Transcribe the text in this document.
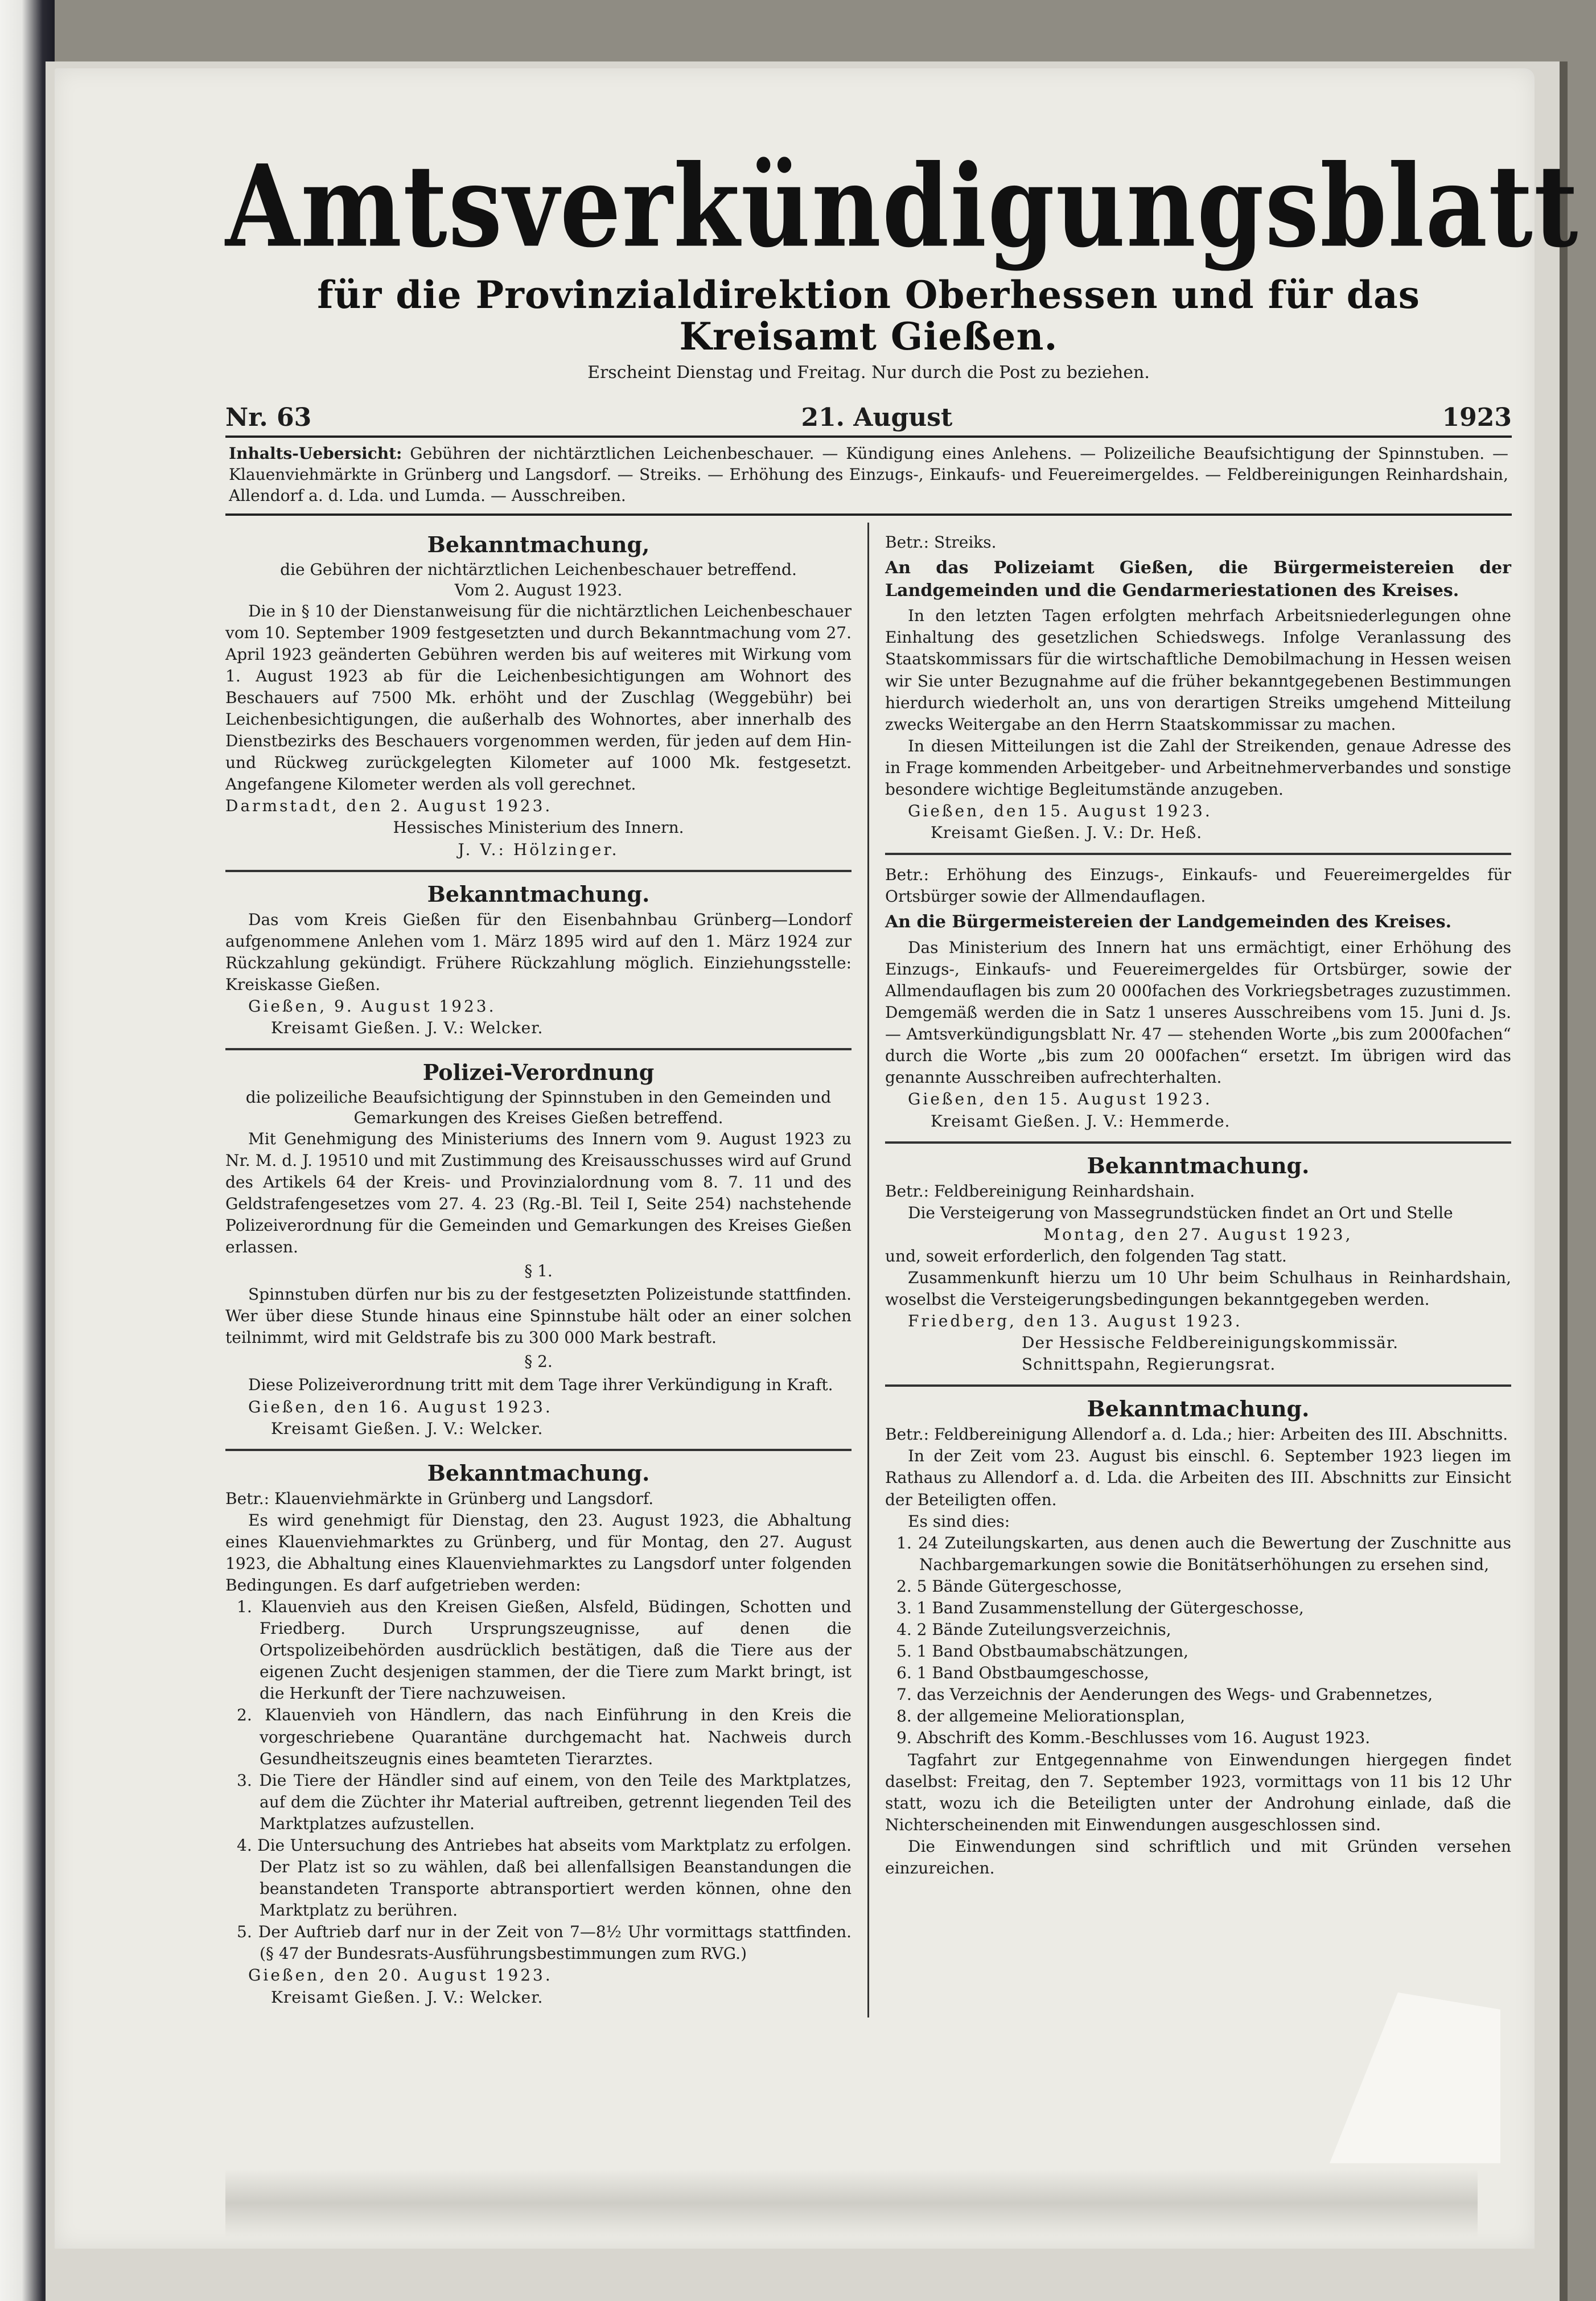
Amtsverkündigungsblatt
für die Provinzialdirektion Oberhessen und für das Kreisamt Gießen.
Erscheint Dienstag und Freitag. Nur durch die Post zu beziehen.
Nr. 63	21. August	1923
Inhalts-Uebersicht: Gebühren der nichtärztlichen Leichenbeschauer. — Kündigung eines Anlehens. — Polizeiliche Beaufsichtigung der Spinnstuben. — Klauenviehmärkte in Grünberg und Langsdorf. — Streiks. — Erhöhung des Einzugs-, Einkaufs- und Feuereimergeldes. — Feldbereinigungen Reinhardshain, Allendorf a. d. Lda. und Lumda. — Ausschreiben.
Bekanntmachung,
die Gebühren der nichtärztlichen Leichenbeschauer betreffend.
Vom 2. August 1923.

Die in § 10 der Dienstanweisung für die nichtärztlichen Leichenbeschauer vom 10. September 1909 festgesetzten und durch Bekanntmachung vom 27. April 1923 geänderten Gebühren werden bis auf weiteres mit Wirkung vom 1. August 1923 ab für die Leichenbesichtigungen am Wohnort des Beschauers auf 7500 Mk. erhöht und der Zuschlag (Weggebühr) bei Leichenbesichtigungen, die außerhalb des Wohnortes, aber innerhalb des Dienstbezirks des Beschauers vorgenommen werden, für jeden auf dem Hin- und Rückweg zurückgelegten Kilometer auf 1000 Mk. festgesetzt. Angefangene Kilometer werden als voll gerechnet.

Darmstadt, den 2. August 1923.

Hessisches Ministerium des Innern.

J. V.: Hölzinger.

Bekanntmachung.

Das vom Kreis Gießen für den Eisenbahnbau Grünberg—Londorf aufgenommene Anlehen vom 1. März 1895 wird auf den 1. März 1924 zur Rückzahlung gekündigt. Frühere Rückzahlung möglich. Einziehungsstelle: Kreiskasse Gießen.

Gießen, 9. August 1923.

Kreisamt Gießen. J. V.: Welcker.

Polizei-Verordnung
die polizeiliche Beaufsichtigung der Spinnstuben in den Gemeinden und Gemarkungen des Kreises Gießen betreffend.

Mit Genehmigung des Ministeriums des Innern vom 9. August 1923 zu Nr. M. d. J. 19510 und mit Zustimmung des Kreisausschusses wird auf Grund des Artikels 64 der Kreis- und Provinzialordnung vom 8. 7. 11 und des Geldstrafengesetzes vom 27. 4. 23 (Rg.-Bl. Teil I, Seite 254) nachstehende Polizeiverordnung für die Gemeinden und Gemarkungen des Kreises Gießen erlassen.

§ 1.

Spinnstuben dürfen nur bis zu der festgesetzten Polizeistunde stattfinden. Wer über diese Stunde hinaus eine Spinnstube hält oder an einer solchen teilnimmt, wird mit Geldstrafe bis zu 300 000 Mark bestraft.

§ 2.

Diese Polizeiverordnung tritt mit dem Tage ihrer Verkündigung in Kraft.

Gießen, den 16. August 1923.

Kreisamt Gießen. J. V.: Welcker.

Bekanntmachung.

Betr.: Klauenviehmärkte in Grünberg und Langsdorf.

Es wird genehmigt für Dienstag, den 23. August 1923, die Abhaltung eines Klauenviehmarktes zu Grünberg, und für Montag, den 27. August 1923, die Abhaltung eines Klauenviehmarktes zu Langsdorf unter folgenden Bedingungen. Es darf aufgetrieben werden:

1. Klauenvieh aus den Kreisen Gießen, Alsfeld, Büdingen, Schotten und Friedberg. Durch Ursprungszeugnisse, auf denen die Ortspolizeibehörden ausdrücklich bestätigen, daß die Tiere aus der eigenen Zucht desjenigen stammen, der die Tiere zum Markt bringt, ist die Herkunft der Tiere nachzuweisen.

2. Klauenvieh von Händlern, das nach Einführung in den Kreis die vorgeschriebene Quarantäne durchgemacht hat. Nachweis durch Gesundheitszeugnis eines beamteten Tierarztes.

3. Die Tiere der Händler sind auf einem, von den Teile des Marktplatzes, auf dem die Züchter ihr Material auftreiben, getrennt liegenden Teil des Marktplatzes aufzustellen.

4. Die Untersuchung des Antriebes hat abseits vom Marktplatz zu erfolgen. Der Platz ist so zu wählen, daß bei allenfallsigen Beanstandungen die beanstandeten Transporte abtransportiert werden können, ohne den Marktplatz zu berühren.

5. Der Auftrieb darf nur in der Zeit von 7—8½ Uhr vormittags stattfinden. (§ 47 der Bundesrats-Ausführungsbestimmungen zum RVG.)

Gießen, den 20. August 1923.

Kreisamt Gießen. J. V.: Welcker.

Betr.: Streiks.

An das Polizeiamt Gießen, die Bürgermeistereien der Landgemeinden und die Gendarmeriestationen des Kreises.

In den letzten Tagen erfolgten mehrfach Arbeitsniederlegungen ohne Einhaltung des gesetzlichen Schiedswegs. Infolge Veranlassung des Staatskommissars für die wirtschaftliche Demobilmachung in Hessen weisen wir Sie unter Bezugnahme auf die früher bekanntgegebenen Bestimmungen hierdurch wiederholt an, uns von derartigen Streiks umgehend Mitteilung zwecks Weitergabe an den Herrn Staatskommissar zu machen.

In diesen Mitteilungen ist die Zahl der Streikenden, genaue Adresse des in Frage kommenden Arbeitgeber- und Arbeitnehmerverbandes und sonstige besondere wichtige Begleitumstände anzugeben.

Gießen, den 15. August 1923.

Kreisamt Gießen. J. V.: Dr. Heß.

Betr.: Erhöhung des Einzugs-, Einkaufs- und Feuereimergeldes für Ortsbürger sowie der Allmendauflagen.

An die Bürgermeistereien der Landgemeinden des Kreises.

Das Ministerium des Innern hat uns ermächtigt, einer Erhöhung des Einzugs-, Einkaufs- und Feuereimergeldes für Ortsbürger, sowie der Allmendauflagen bis zum 20 000fachen des Vorkriegsbetrages zuzustimmen. Demgemäß werden die in Satz 1 unseres Ausschreibens vom 15. Juni d. Js. — Amtsverkündigungsblatt Nr. 47 — stehenden Worte „bis zum 2000fachen“ durch die Worte „bis zum 20 000fachen“ ersetzt. Im übrigen wird das genannte Ausschreiben aufrechterhalten.

Gießen, den 15. August 1923.

Kreisamt Gießen. J. V.: Hemmerde.

Bekanntmachung.

Betr.: Feldbereinigung Reinhardshain.

Die Versteigerung von Massegrundstücken findet an Ort und Stelle

Montag, den 27. August 1923,

und, soweit erforderlich, den folgenden Tag statt.

Zusammenkunft hierzu um 10 Uhr beim Schulhaus in Reinhardshain, woselbst die Versteigerungsbedingungen bekanntgegeben werden.

Friedberg, den 13. August 1923.

Der Hessische Feldbereinigungskommissär.

Schnittspahn, Regierungsrat.

Bekanntmachung.

Betr.: Feldbereinigung Allendorf a. d. Lda.; hier: Arbeiten des III. Abschnitts.

In der Zeit vom 23. August bis einschl. 6. September 1923 liegen im Rathaus zu Allendorf a. d. Lda. die Arbeiten des III. Abschnitts zur Einsicht der Beteiligten offen.

Es sind dies:

1. 24 Zuteilungskarten, aus denen auch die Bewertung der Zuschnitte aus Nachbargemarkungen sowie die Bonitätserhöhungen zu ersehen sind,

2. 5 Bände Gütergeschosse,

3. 1 Band Zusammenstellung der Gütergeschosse,

4. 2 Bände Zuteilungsverzeichnis,

5. 1 Band Obstbaumabschätzungen,

6. 1 Band Obstbaumgeschosse,

7. das Verzeichnis der Aenderungen des Wegs- und Grabennetzes,

8. der allgemeine Meliorationsplan,

9. Abschrift des Komm.-Beschlusses vom 16. August 1923.

Tagfahrt zur Entgegennahme von Einwendungen hiergegen findet daselbst: Freitag, den 7. September 1923, vormittags von 11 bis 12 Uhr statt, wozu ich die Beteiligten unter der Androhung einlade, daß die Nichterscheinenden mit Einwendungen ausgeschlossen sind.

Die Einwendungen sind schriftlich und mit Gründen versehen einzureichen.
